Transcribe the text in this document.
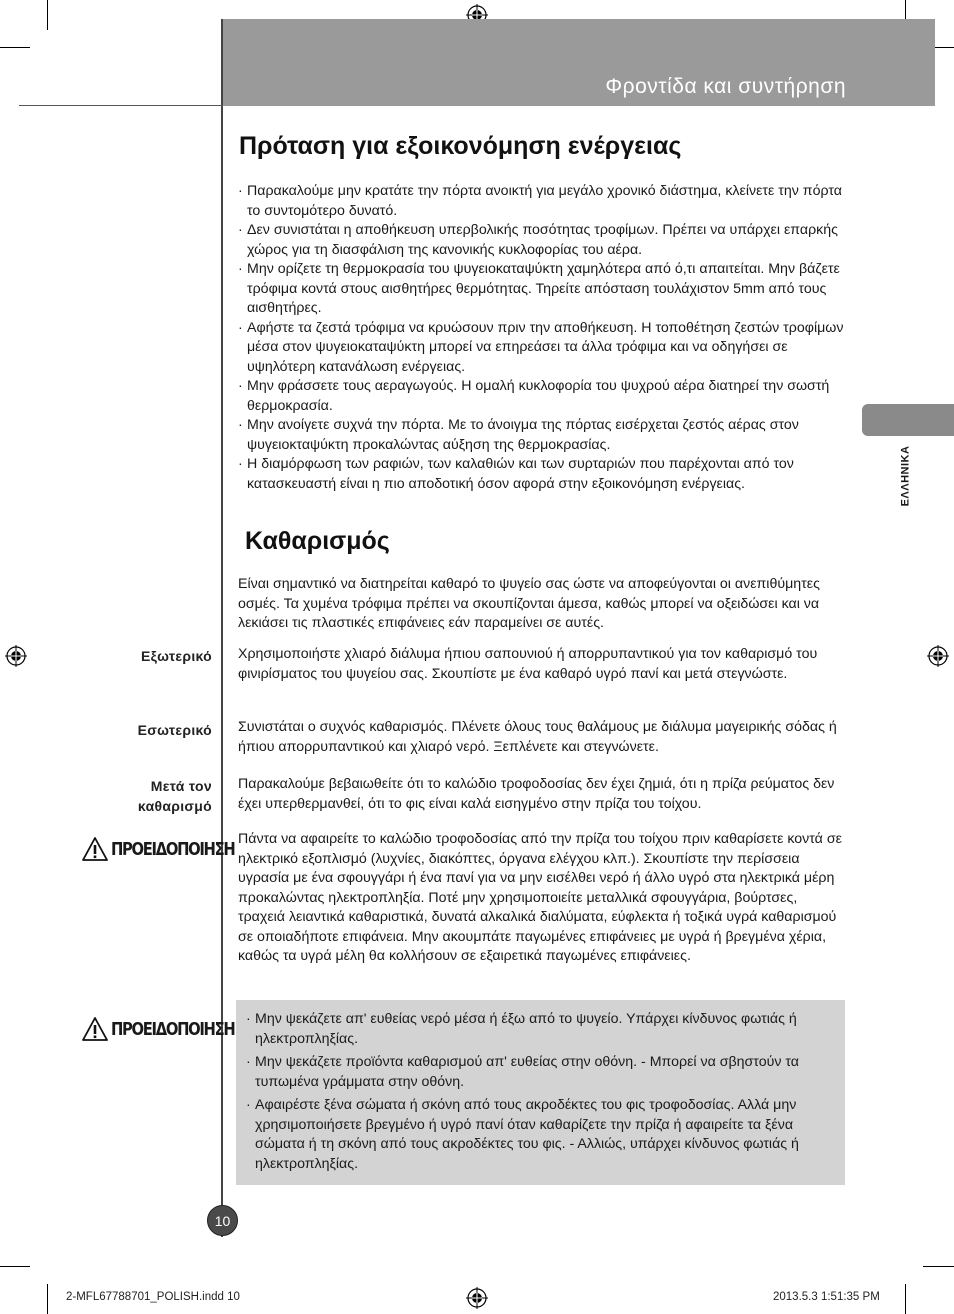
Φροντίδα και συντήρηση
Πρόταση για εξοικονόμηση ενέργειας
· Παρακαλούμε μην κρατάτε την πόρτα ανοικτή για μεγάλο χρονικό διάστημα, κλείνετε την πόρτα το συντομότερο δυνατό.
· Δεν συνιστάται η αποθήκευση υπερβολικής ποσότητας τροφίμων. Πρέπει να υπάρχει επαρκής χώρος για τη διασφάλιση της κανονικής κυκλοφορίας του αέρα.
· Μην ορίζετε τη θερμοκρασία του ψυγειοκαταψύκτη χαμηλότερα από ό,τι απαιτείται. Μην βάζετε τρόφιμα κοντά στους αισθητήρες θερμότητας. Τηρείτε απόσταση τουλάχιστον 5mm από τους αισθητήρες.
· Αφήστε τα ζεστά τρόφιμα να κρυώσουν πριν την αποθήκευση. Η τοποθέτηση ζεστών τροφίμων μέσα στον ψυγειοκαταψύκτη μπορεί να επηρεάσει τα άλλα τρόφιμα και να οδηγήσει σε υψηλότερη κατανάλωση ενέργειας.
· Μην φράσσετε τους αεραγωγούς. Η ομαλή κυκλοφορία του ψυχρού αέρα διατηρεί την σωστή θερμοκρασία.
· Μην ανοίγετε συχνά την πόρτα. Με το άνοιγμα της πόρτας εισέρχεται ζεστός αέρας στον ψυγειοκταψύκτη προκαλώντας αύξηση της θερμοκρασίας.
· Η διαμόρφωση των ραφιών, των καλαθιών και των συρταριών που παρέχονται από τον κατασκευαστή είναι η πιο αποδοτική όσον αφορά στην εξοικονόμηση ενέργειας.
Καθαρισμός

Είναι σημαντικό να διατηρείται καθαρό το ψυγείο σας ώστε να αποφεύγονται οι ανεπιθύμητες οσμές. Τα χυμένα τρόφιμα πρέπει να σκουπίζονται άμεσα, καθώς μπορεί να οξειδώσει και να λεκιάσει τις πλαστικές επιφάνειες εάν παραμείνει σε αυτές.

Εξωτερικό Χρησιμοποιήστε χλιαρό διάλυμα ήπιου σαπουνιού ή απορρυπαντικού για τον καθαρισμό του φινιρίσματος του ψυγείου σας. Σκουπίστε με ένα καθαρό υγρό πανί και μετά στεγνώστε.

Εσωτερικό Συνιστάται ο συχνός καθαρισμός. Πλένετε όλους τους θαλάμους με διάλυμα μαγειρικής σόδας ή ήπιου απορρυπαντικού και χλιαρό νερό. Ξεπλένετε και στεγνώνετε.

Μετά τον
καθαρισμό

Παρακαλούμε βεβαιωθείτε ότι το καλώδιο τροφοδοσίας δεν έχει ζημιά, ότι η πρίζα ρεύματος δεν έχει υπερθερμανθεί, ότι το φις είναι καλά εισηγμένο στην πρίζα του τοίχου.

ΠΡΟΕΙΔΟΠΟΙΗΣΗ Πάντα να αφαιρείτε το καλώδιο τροφοδοσίας από την πρίζα του τοίχου πριν καθαρίσετε κοντά σε ηλεκτρικό εξοπλισμό (λυχνίες, διακόπτες, όργανα ελέγχου κλπ.). Σκουπίστε την περίσσεια υγρασία με ένα σφουγγάρι ή ένα πανί για να μην εισέλθει νερό ή άλλο υγρό στα ηλεκτρικά μέρη προκαλώντας ηλεκτροπληξία. Ποτέ μην χρησιμοποιείτε μεταλλικά σφουγγάρια, βούρτσες, τραχειά λειαντικά καθαριστικά, δυνατά αλκαλικά διαλύματα, εύφλεκτα ή τοξικά υγρά καθαρισμού σε οποιαδήποτε επιφάνεια. Μην ακουμπάτε παγωμένες επιφάνειες με υγρά ή βρεγμένα χέρια, καθώς τα υγρά μέλη θα κολλήσουν σε εξαιρετικά παγωμένες επιφάνειες.

ΠΡΟΕΙΔΟΠΟΙΗΣΗ
·	Μην ψεκάζετε απ' ευθείας νερό μέσα ή έξω από το ψυγείο. Υπάρχει κίνδυνος φωτιάς ή ηλεκτροπληξίας.
· Μην ψεκάζετε προϊόντα καθαρισμού απ' ευθείας στην οθόνη. - Μπορεί να σβηστούν τα τυπωμένα γράμματα στην οθόνη.
· Αφαιρέστε ξένα σώματα ή σκόνη από τους ακροδέκτες του φις τροφοδοσίας. Αλλά μην χρησιμοποιήσετε βρεγμένο ή υγρό πανί όταν καθαρίζετε την πρίζα ή αφαιρείτε τα ξένα σώματα ή τη σκόνη από τους ακροδέκτες του φις. - Αλλιώς, υπάρχει κίνδυνος φωτιάς ή ηλεκτροπληξίας.
ΕΛΛΗΝΙΚΑ
10
2-MFL67788701_POLISH.indd 10	2013.5.3 1:51:35 PM
